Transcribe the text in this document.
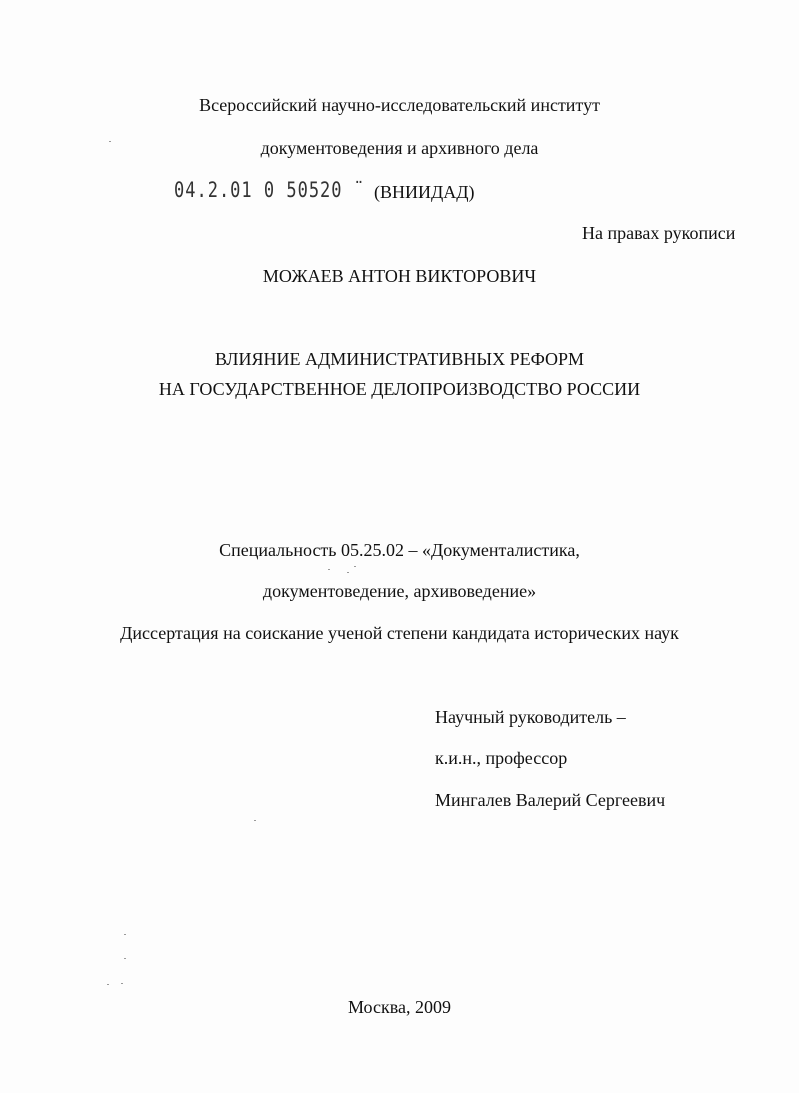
Всероссийский научно-исследовательский институт
документоведения и архивного дела
04.2.01 0 50520 ¨ (ВНИИДАД)
На правах рукописи
МОЖАЕВ АНТОН ВИКТОРОВИЧ
ВЛИЯНИЕ АДМИНИСТРАТИВНЫХ РЕФОРМ
НА ГОСУДАРСТВЕННОЕ ДЕЛОПРОИЗВОДСТВО РОССИИ
Специальность 05.25.02 – «Документалистика,
документоведение, архивоведение»
Диссертация на соискание ученой степени кандидата исторических наук
Научный руководитель –
к.и.н., профессор
Мингалев Валерий Сергеевич
Москва, 2009
